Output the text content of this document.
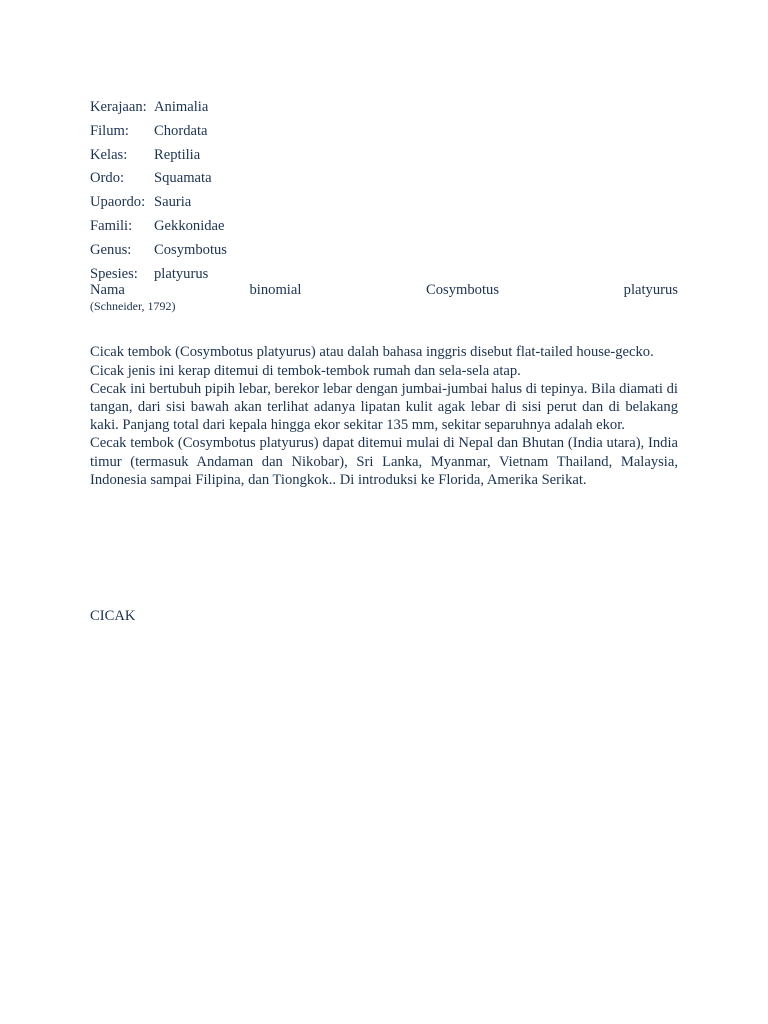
Kerajaan: Animalia
Filum:	Chordata
Kelas:	Reptilia
Ordo:	Squamata
Upaordo: Sauria
Famili:	Gekkonidae
Genus:	Cosymbotus
Spesies:	platyurus
Nama	binomial	Cosymbotus	platyurus
(Schneider, 1792)

Cicak tembok (Cosymbotus platyurus) atau dalah bahasa inggris disebut flat-tailed house-gecko. Cicak jenis ini kerap ditemui di tembok-tembok rumah dan sela-sela atap.

Cecak ini bertubuh pipih lebar, berekor lebar dengan jumbai-jumbai halus di tepinya. Bila diamati di tangan, dari sisi bawah akan terlihat adanya lipatan kulit agak lebar di sisi perut dan di belakang kaki. Panjang total dari kepala hingga ekor sekitar 135 mm, sekitar separuhnya adalah ekor.

Cecak tembok (Cosymbotus platyurus) dapat ditemui mulai di Nepal dan Bhutan (India utara), India timur (termasuk Andaman dan Nikobar), Sri Lanka, Myanmar, Vietnam Thailand, Malaysia, Indonesia sampai Filipina, dan Tiongkok.. Di introduksi ke Florida, Amerika Serikat.

CICAK
